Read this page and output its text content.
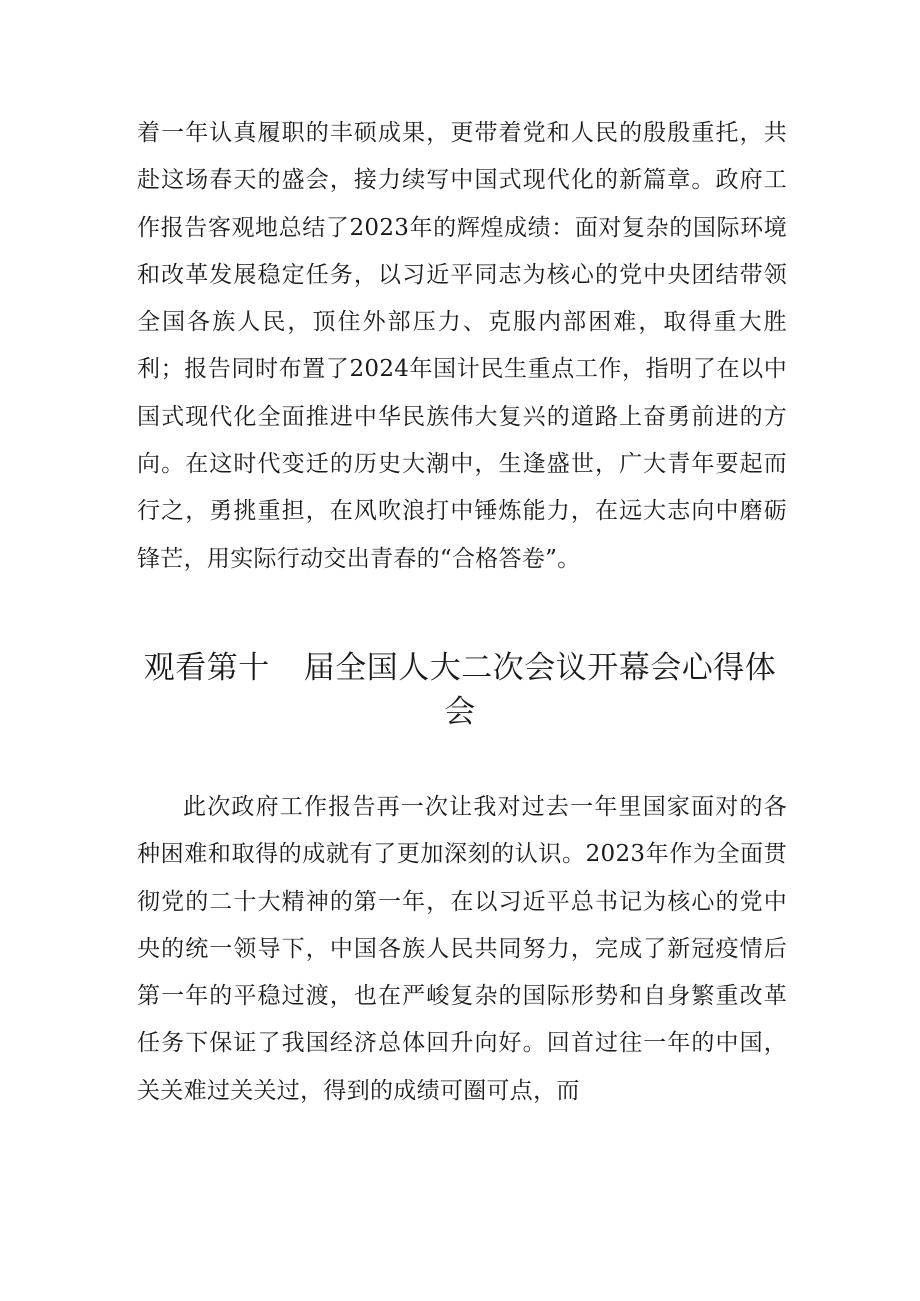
着一年认真履职的丰硕成果，更带着党和人民的殷殷重托，共赴这场春天的盛会，接力续写中国式现代化的新篇章。政府工作报告客观地总结了2023年的辉煌成绩：面对复杂的国际环境和改革发展稳定任务，以习近平同志为核心的党中央团结带领全国各族人民，顶住外部压力、克服内部困难，取得重大胜利；报告同时布置了2024年国计民生重点工作，指明了在以中国式现代化全面推进中华民族伟大复兴的道路上奋勇前进的方向。在这时代变迁的历史大潮中，生逢盛世，广大青年要起而行之，勇挑重担，在风吹浪打中锤炼能力，在远大志向中磨砺锋芒，用实际行动交出青春的“合格答卷”。

观看第十 届全国人大二次会议开幕会心得体会

此次政府工作报告再一次让我对过去一年里国家面对的各种困难和取得的成就有了更加深刻的认识。2023年作为全面贯彻党的二十大精神的第一年，在以习近平总书记为核心的党中央的统一领导下，中国各族人民共同努力，完成了新冠疫情后第一年的平稳过渡，也在严峻复杂的国际形势和自身繁重改革任务下保证了我国经济总体回升向好。回首过往一年的中国，关关难过关关过，得到的成绩可圈可点，而
